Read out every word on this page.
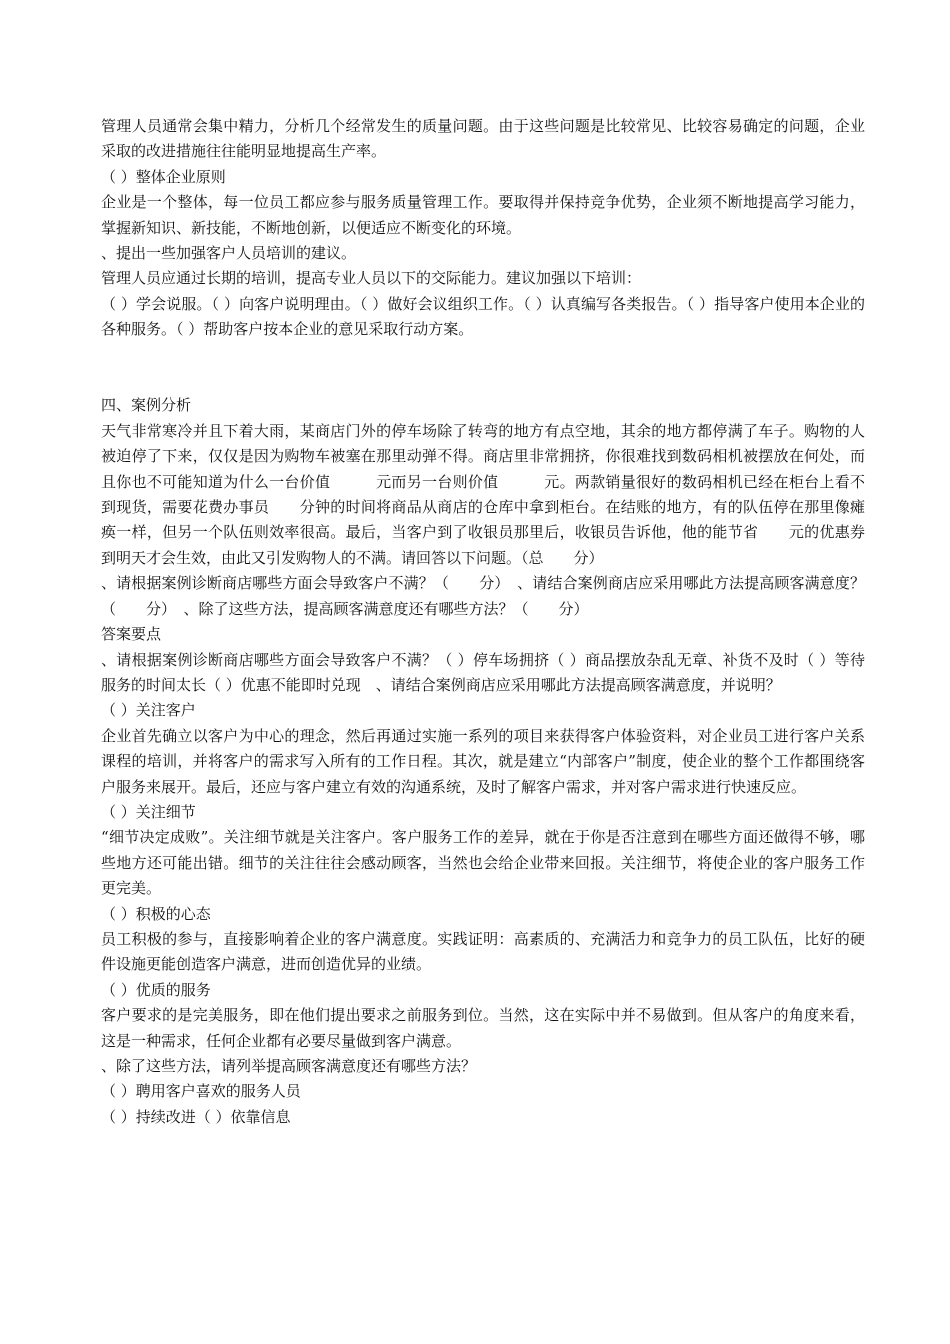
管理人员通常会集中精力，分析几个经常发生的质量问题。由于这些问题是比较常见、比较容易确定的问题，企业采取的改进措施往往能明显地提高生产率。

（ ）整体企业原则

企业是一个整体，每一位员工都应参与服务质量管理工作。要取得并保持竞争优势，企业须不断地提高学习能力，掌握新知识、新技能，不断地创新，以便适应不断变化的环境。

、提出一些加强客户人员培训的建议。

管理人员应通过长期的培训，提高专业人员以下的交际能力。建议加强以下培训：

（ ）学会说服。（ ）向客户说明理由。（ ）做好会议组织工作。（ ）认真编写各类报告。（ ）指导客户使用本企业的各种服务。（ ）帮助客户按本企业的意见采取行动方案。

四、案例分析

天气非常寒冷并且下着大雨，某商店门外的停车场除了转弯的地方有点空地，其余的地方都停满了车子。购物的人被迫停了下来，仅仅是因为购物车被塞在那里动弹不得。商店里非常拥挤，你很难找到数码相机被摆放在何处，而且你也不可能知道为什么一台价值　　　元而另一台则价值　　　元。两款销量很好的数码相机已经在柜台上看不到现货，需要花费办事员　　分钟的时间将商品从商店的仓库中拿到柜台。在结账的地方，有的队伍停在那里像瘫痪一样，但另一个队伍则效率很高。最后，当客户到了收银员那里后，收银员告诉他，他的能节省　　元的优惠券到明天才会生效，由此又引发购物人的不满。请回答以下问题。（总　　分）

、请根据案例诊断商店哪些方面会导致客户不满？（　　分）　、请结合案例商店应采用哪此方法提高顾客满意度？（　　分）　、除了这些方法，提高顾客满意度还有哪些方法？（　　分）

答案要点

、请根据案例诊断商店哪些方面会导致客户不满？（ ）停车场拥挤（ ）商品摆放杂乱无章、补货不及时（ ）等待服务的时间太长（ ）优惠不能即时兑现　、请结合案例商店应采用哪此方法提高顾客满意度，并说明？

（ ）关注客户

企业首先确立以客户为中心的理念，然后再通过实施一系列的项目来获得客户体验资料，对企业员工进行客户关系课程的培训，并将客户的需求写入所有的工作日程。其次，就是建立“内部客户”制度，使企业的整个工作都围绕客户服务来展开。最后，还应与客户建立有效的沟通系统，及时了解客户需求，并对客户需求进行快速反应。

（ ）关注细节

“细节决定成败”。关注细节就是关注客户。客户服务工作的差异，就在于你是否注意到在哪些方面还做得不够，哪些地方还可能出错。细节的关注往往会感动顾客，当然也会给企业带来回报。关注细节，将使企业的客户服务工作更完美。

（ ）积极的心态

员工积极的参与，直接影响着企业的客户满意度。实践证明：高素质的、充满活力和竞争力的员工队伍，比好的硬件设施更能创造客户满意，进而创造优异的业绩。

（ ）优质的服务

客户要求的是完美服务，即在他们提出要求之前服务到位。当然，这在实际中并不易做到。但从客户的角度来看，这是一种需求，任何企业都有必要尽量做到客户满意。

、除了这些方法，请列举提高顾客满意度还有哪些方法？

（ ）聘用客户喜欢的服务人员

（ ）持续改进（ ）依靠信息
